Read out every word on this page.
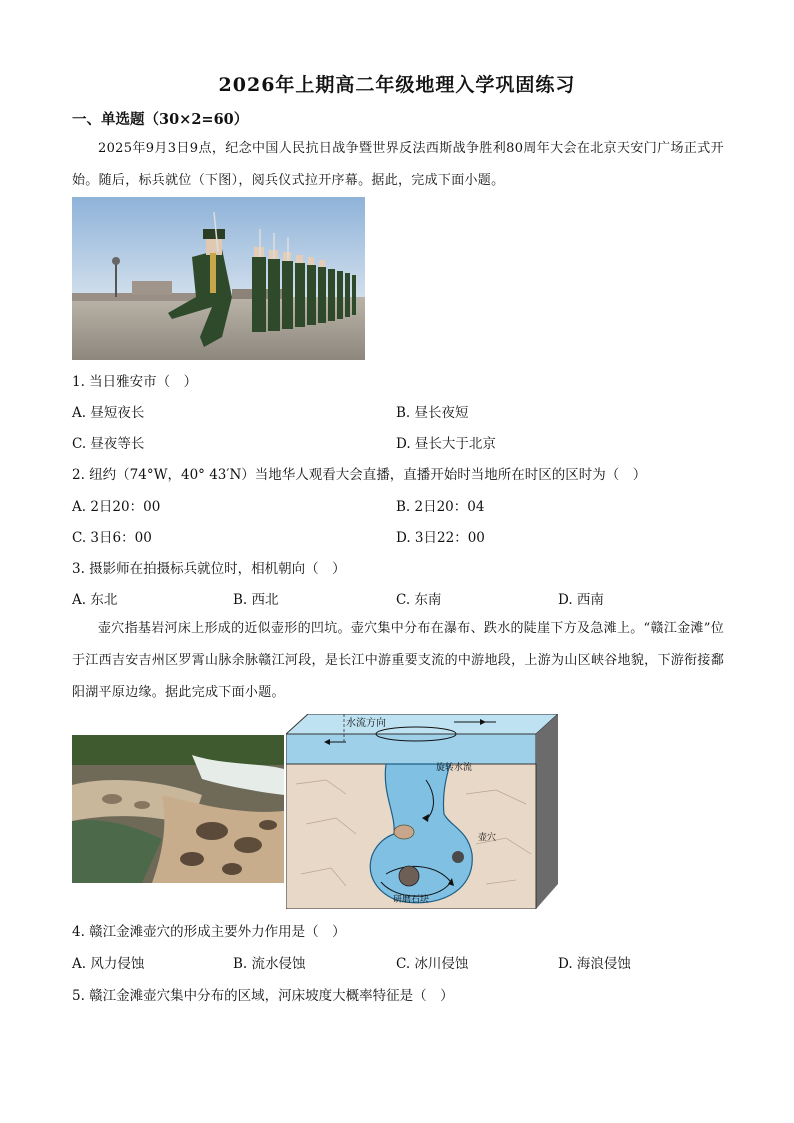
2026年上期高二年级地理入学巩固练习
一、单选题（30×2=60）
2025年9月3日9点，纪念中国人民抗日战争暨世界反法西斯战争胜利80周年大会在北京天安门广场正式开始。随后，标兵就位（下图），阅兵仪式拉开序幕。据此，完成下面小题。
1. 当日雅安市（　）
A. 昼短夜长	B. 昼长夜短
C. 昼夜等长	D. 昼长大于北京
2. 纽约（74°W，40° 43′N）当地华人观看大会直播，直播开始时当地所在时区的区时为（　）
A. 2日20：00	B. 2日20：04
C. 3日6：00	D. 3日22：00
3. 摄影师在拍摄标兵就位时，相机朝向（　）
A. 东北	B. 西北	C. 东南	D. 西南
壶穴指基岩河床上形成的近似壶形的凹坑。壶穴集中分布在瀑布、跌水的陡崖下方及急滩上。“赣江金滩”位于江西吉安吉州区罗霄山脉余脉赣江河段，是长江中游重要支流的中游地段，上游为山区峡谷地貌，下游衔接鄱阳湖平原边缘。据此完成下面小题。
水流方向
旋转水流
壶穴
研磨石块
4. 赣江金滩壶穴的形成主要外力作用是（　）
A. 风力侵蚀	B. 流水侵蚀	C. 冰川侵蚀	D. 海浪侵蚀
5. 赣江金滩壶穴集中分布的区域，河床坡度大概率特征是（　）
